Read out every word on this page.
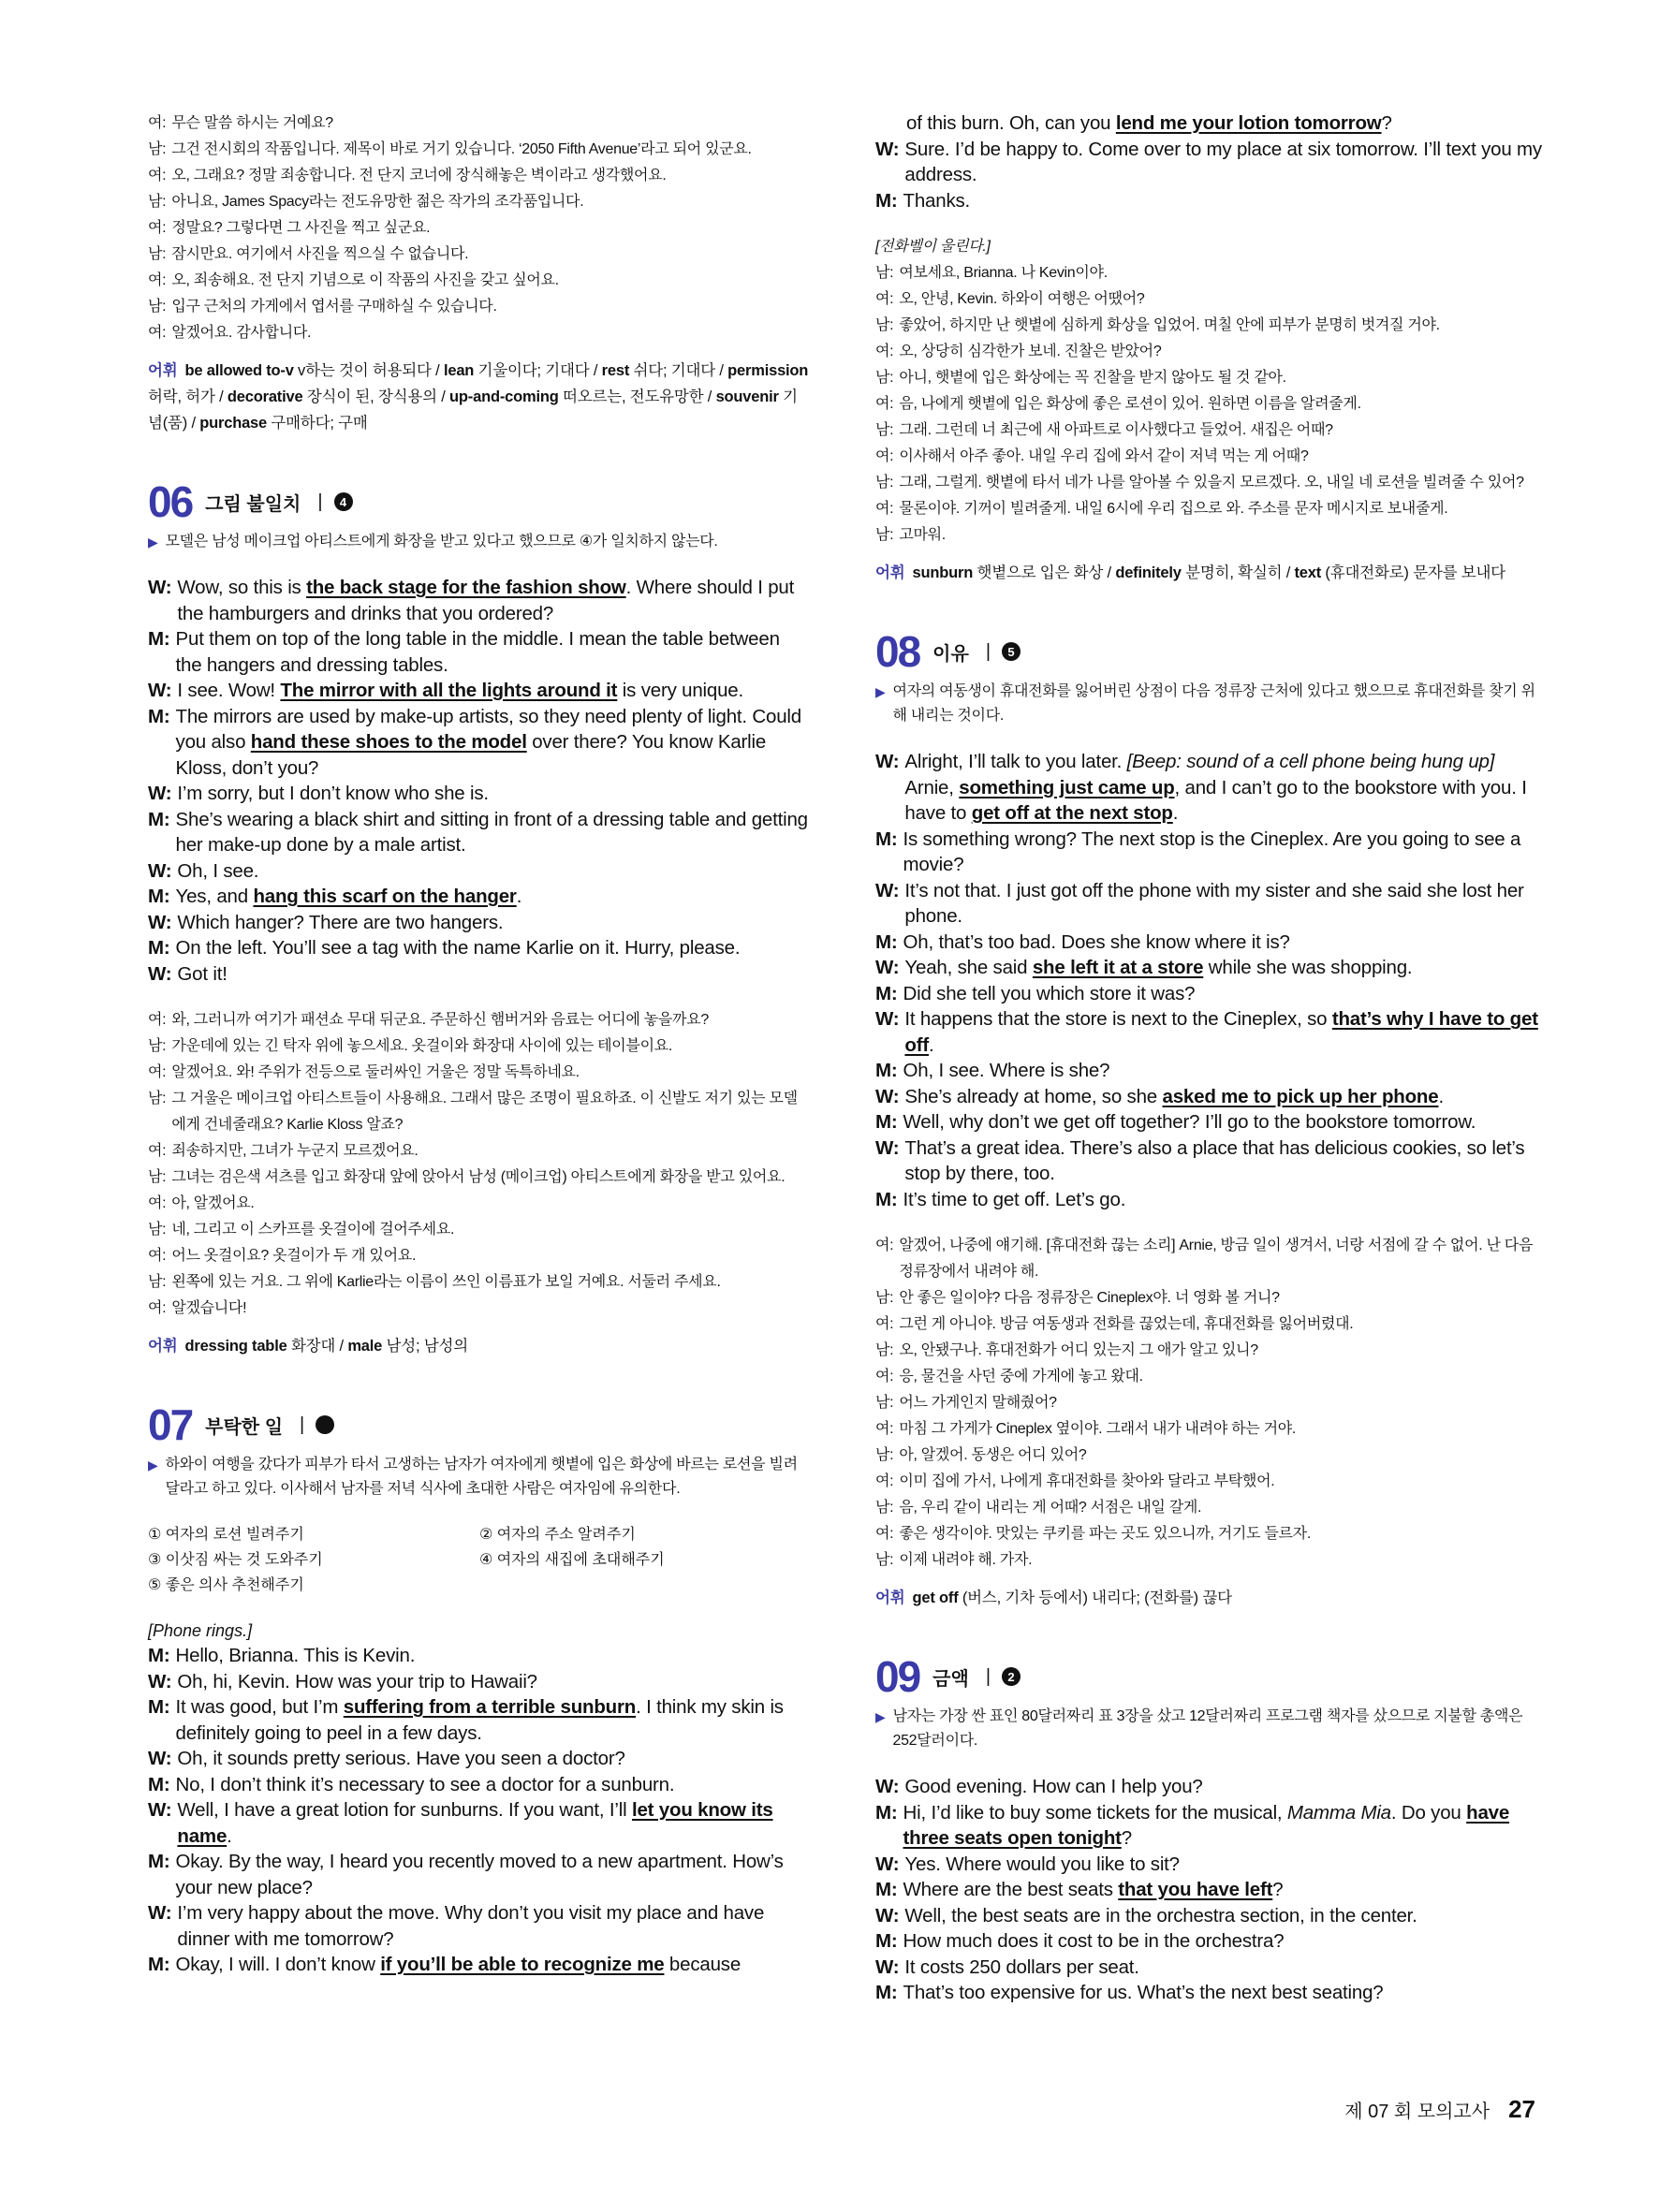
여: 무슨 말씀 하시는 거예요?
남: 그건 전시회의 작품입니다. 제목이 바로 거기 있습니다. ‘2050 Fifth Avenue’라고 되어 있군요.
여: 오, 그래요? 정말 죄송합니다. 전 단지 코너에 장식해놓은 벽이라고 생각했어요.
남: 아니요, James Spacy라는 전도유망한 젊은 작가의 조각품입니다.
여: 정말요? 그렇다면 그 사진을 찍고 싶군요.
남: 잠시만요. 여기에서 사진을 찍으실 수 없습니다.
여: 오, 죄송해요. 전 단지 기념으로 이 작품의 사진을 갖고 싶어요.
남: 입구 근처의 가게에서 엽서를 구매하실 수 있습니다.
여: 알겠어요. 감사합니다.
어휘 be allowed to-v v하는 것이 허용되다 / lean 기울이다; 기대다 / rest 쉬다; 기대다 / permission 허락, 허가 / decorative 장식이 된, 장식용의 / up-and-coming 떠오르는, 전도유망한 / souvenir 기념(품) / purchase 구매하다; 구매
06 그림 불일치 |	4
▶ 모델은 남성 메이크업 아티스트에게 화장을 받고 있다고 했으므로 ④가 일치하지 않는다.
W: Wow, so this is the back stage for the fashion show. Where should I put the hamburgers and drinks that you ordered?
M: Put them on top of the long table in the middle. I mean the table between the hangers and dressing tables.
W: I see. Wow! The mirror with all the lights around it is very unique.
M: The mirrors are used by make-up artists, so they need plenty of light. Could you also hand these shoes to the model over there? You know Karlie Kloss, don’t you?
W: I’m sorry, but I don’t know who she is.
M: She’s wearing a black shirt and sitting in front of a dressing table and getting her make-up done by a male artist.
W: Oh, I see.
M: Yes, and hang this scarf on the hanger.
W: Which hanger? There are two hangers.
M: On the left. You’ll see a tag with the name Karlie on it. Hurry, please.
W: Got it!
여: 와, 그러니까 여기가 패션쇼 무대 뒤군요. 주문하신 햄버거와 음료는 어디에 놓을까요?
남: 가운데에 있는 긴 탁자 위에 놓으세요. 옷걸이와 화장대 사이에 있는 테이블이요.
여: 알겠어요. 와! 주위가 전등으로 둘러싸인 거울은 정말 독특하네요.
남: 그 거울은 메이크업 아티스트들이 사용해요. 그래서 많은 조명이 필요하죠. 이 신발도 저기 있는 모델에게 건네줄래요? Karlie Kloss 알죠?
여: 죄송하지만, 그녀가 누군지 모르겠어요.
남: 그녀는 검은색 셔츠를 입고 화장대 앞에 앉아서 남성 (메이크업) 아티스트에게 화장을 받고 있어요.
여: 아, 알겠어요.
남: 네, 그리고 이 스카프를 옷걸이에 걸어주세요.
여: 어느 옷걸이요? 옷걸이가 두 개 있어요.
남: 왼쪽에 있는 거요. 그 위에 Karlie라는 이름이 쓰인 이름표가 보일 거예요. 서둘러 주세요.
여: 알겠습니다!
어휘 dressing table 화장대 / male 남성; 남성의
07 부탁한 일 |
▶ 하와이 여행을 갔다가 피부가 타서 고생하는 남자가 여자에게 햇볕에 입은 화상에 바르는 로션을 빌려달라고 하고 있다. 이사해서 남자를 저녁 식사에 초대한 사람은 여자임에 유의한다.
① 여자의 로션 빌려주기	② 여자의 주소 알려주기
③ 이삿짐 싸는 것 도와주기	④ 여자의 새집에 초대해주기
⑤ 좋은 의사 추천해주기
[Phone rings.]
M: Hello, Brianna. This is Kevin.
W: Oh, hi, Kevin. How was your trip to Hawaii?
M: It was good, but I’m suffering from a terrible sunburn. I think my skin is definitely going to peel in a few days.
W: Oh, it sounds pretty serious. Have you seen a doctor?
M: No, I don’t think it’s necessary to see a doctor for a sunburn.
W: Well, I have a great lotion for sunburns. If you want, I’ll let you know its name.
M: Okay. By the way, I heard you recently moved to a new apartment. How’s your new place?
W: I’m very happy about the move. Why don’t you visit my place and have dinner with me tomorrow?
M: Okay, I will. I don’t know if you’ll be able to recognize me because
of this burn. Oh, can you lend me your lotion tomorrow?
W: Sure. I’d be happy to. Come over to my place at six tomorrow. I’ll text you my address.
M: Thanks.
[전화벨이 울린다.]
남: 여보세요, Brianna. 나 Kevin이야.
여: 오, 안녕, Kevin. 하와이 여행은 어땠어?
남: 좋았어, 하지만 난 햇볕에 심하게 화상을 입었어. 며칠 안에 피부가 분명히 벗겨질 거야.
여: 오, 상당히 심각한가 보네. 진찰은 받았어?
남: 아니, 햇볕에 입은 화상에는 꼭 진찰을 받지 않아도 될 것 같아.
여: 음, 나에게 햇볕에 입은 화상에 좋은 로션이 있어. 원하면 이름을 알려줄게.
남: 그래. 그런데 너 최근에 새 아파트로 이사했다고 들었어. 새집은 어때?
여: 이사해서 아주 좋아. 내일 우리 집에 와서 같이 저녁 먹는 게 어때?
남: 그래, 그럴게. 햇볕에 타서 네가 나를 알아볼 수 있을지 모르겠다. 오, 내일 네 로션을 빌려줄 수 있어?
여: 물론이야. 기꺼이 빌려줄게. 내일 6시에 우리 집으로 와. 주소를 문자 메시지로 보내줄게.
남: 고마워.
어휘 sunburn 햇볕으로 입은 화상 / definitely 분명히, 확실히 / text (휴대전화로) 문자를 보내다
08 이유 |	5
▶ 여자의 여동생이 휴대전화를 잃어버린 상점이 다음 정류장 근처에 있다고 했으므로 휴대전화를 찾기 위해 내리는 것이다.
W: Alright, I’ll talk to you later. [Beep: sound of a cell phone being hung up] Arnie, something just came up, and I can’t go to the bookstore with you. I have to get off at the next stop.
M: Is something wrong? The next stop is the Cineplex. Are you going to see a movie?
W: It’s not that. I just got off the phone with my sister and she said she lost her phone.
M: Oh, that’s too bad. Does she know where it is?
W: Yeah, she said she left it at a store while she was shopping.
M: Did she tell you which store it was?
W: It happens that the store is next to the Cineplex, so that’s why I have to get off.
M: Oh, I see. Where is she?
W: She’s already at home, so she asked me to pick up her phone.
M: Well, why don’t we get off together? I’ll go to the bookstore tomorrow.
W: That’s a great idea. There’s also a place that has delicious cookies, so let’s stop by there, too.
M: It’s time to get off. Let’s go.
여: 알겠어, 나중에 얘기해. [휴대전화 끊는 소리] Arnie, 방금 일이 생겨서, 너랑 서점에 갈 수 없어. 난 다음 정류장에서 내려야 해.
남: 안 좋은 일이야? 다음 정류장은 Cineplex야. 너 영화 볼 거니?
여: 그런 게 아니야. 방금 여동생과 전화를 끊었는데, 휴대전화를 잃어버렸대.
남: 오, 안됐구나. 휴대전화가 어디 있는지 그 애가 알고 있니?
여: 응, 물건을 사던 중에 가게에 놓고 왔대.
남: 어느 가게인지 말해줬어?
여: 마침 그 가게가 Cineplex 옆이야. 그래서 내가 내려야 하는 거야.
남: 아, 알겠어. 동생은 어디 있어?
여: 이미 집에 가서, 나에게 휴대전화를 찾아와 달라고 부탁했어.
남: 음, 우리 같이 내리는 게 어때? 서점은 내일 갈게.
여: 좋은 생각이야. 맛있는 쿠키를 파는 곳도 있으니까, 거기도 들르자.
남: 이제 내려야 해. 가자.
어휘 get off (버스, 기차 등에서) 내리다; (전화를) 끊다
09 금액 |	2
▶ 남자는 가장 싼 표인 80달러짜리 표 3장을 샀고 12달러짜리 프로그램 책자를 샀으므로 지불할 총액은 252달러이다.
W: Good evening. How can I help you?
M: Hi, I’d like to buy some tickets for the musical, Mamma Mia. Do you have three seats open tonight?
W: Yes. Where would you like to sit?
M: Where are the best seats that you have left?
W: Well, the best seats are in the orchestra section, in the center.
M: How much does it cost to be in the orchestra?
W: It costs 250 dollars per seat.
M: That’s too expensive for us. What’s the next best seating?
제 07 회 모의고사 27
